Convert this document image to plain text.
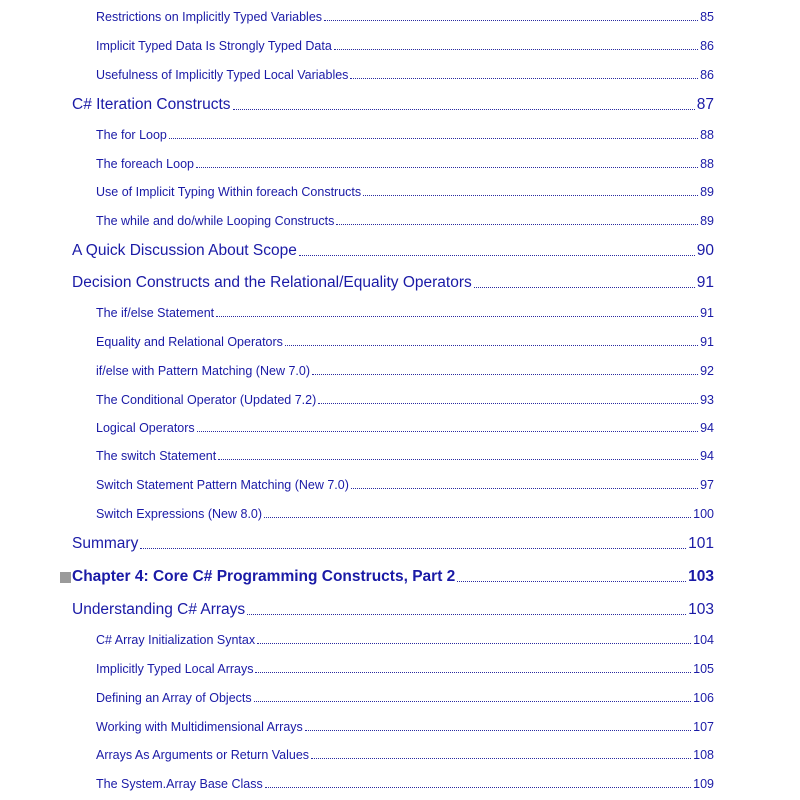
Restrictions on Implicitly Typed Variables	85
Implicit Typed Data Is Strongly Typed Data	86
Usefulness of Implicitly Typed Local Variables	86
C# Iteration Constructs	87
The for Loop	88
The foreach Loop	88
Use of Implicit Typing Within foreach Constructs	89
The while and do/while Looping Constructs	89
A Quick Discussion About Scope	90
Decision Constructs and the Relational/Equality Operators	91
The if/else Statement	91
Equality and Relational Operators	91
if/else with Pattern Matching (New 7.0)	92
The Conditional Operator (Updated 7.2)	93
Logical Operators	94
The switch Statement	94
Switch Statement Pattern Matching (New 7.0)	97
Switch Expressions (New 8.0)	100
Summary	101
Chapter 4: Core C# Programming Constructs, Part 2	103
Understanding C# Arrays	103
C# Array Initialization Syntax	104
Implicitly Typed Local Arrays	105
Defining an Array of Objects	106
Working with Multidimensional Arrays	107
Arrays As Arguments or Return Values	108
The System.Array Base Class	109
